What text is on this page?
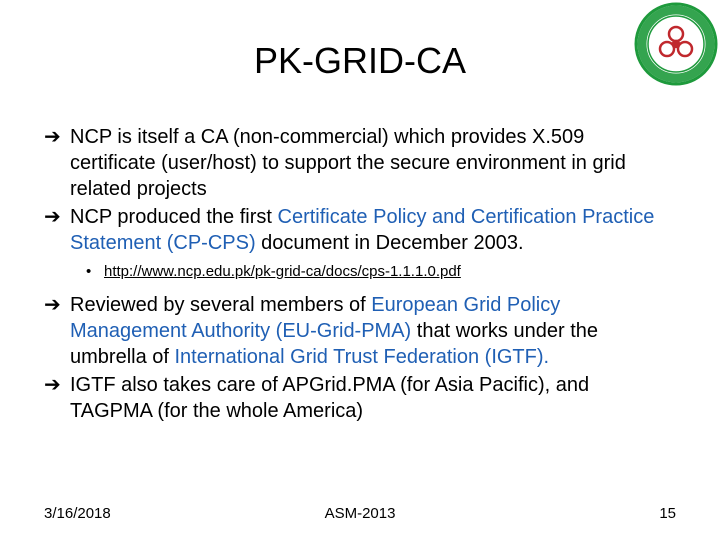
PK-GRID-CA
➔ NCP is itself a CA (non-commercial) which provides X.509 certificate (user/host) to support the secure environment in grid related projects
➔ NCP produced the first Certificate Policy and Certification Practice Statement (CP-CPS) document in December 2003.
• http://www.ncp.edu.pk/pk-grid-ca/docs/cps-1.1.1.0.pdf
➔ Reviewed by several members of European Grid Policy Management Authority (EU-Grid-PMA) that works under the umbrella of International Grid Trust Federation (IGTF).
➔ IGTF also takes care of APGrid.PMA (for Asia Pacific), and TAGPMA (for the whole America)
3/16/2018	ASM-2013	15
